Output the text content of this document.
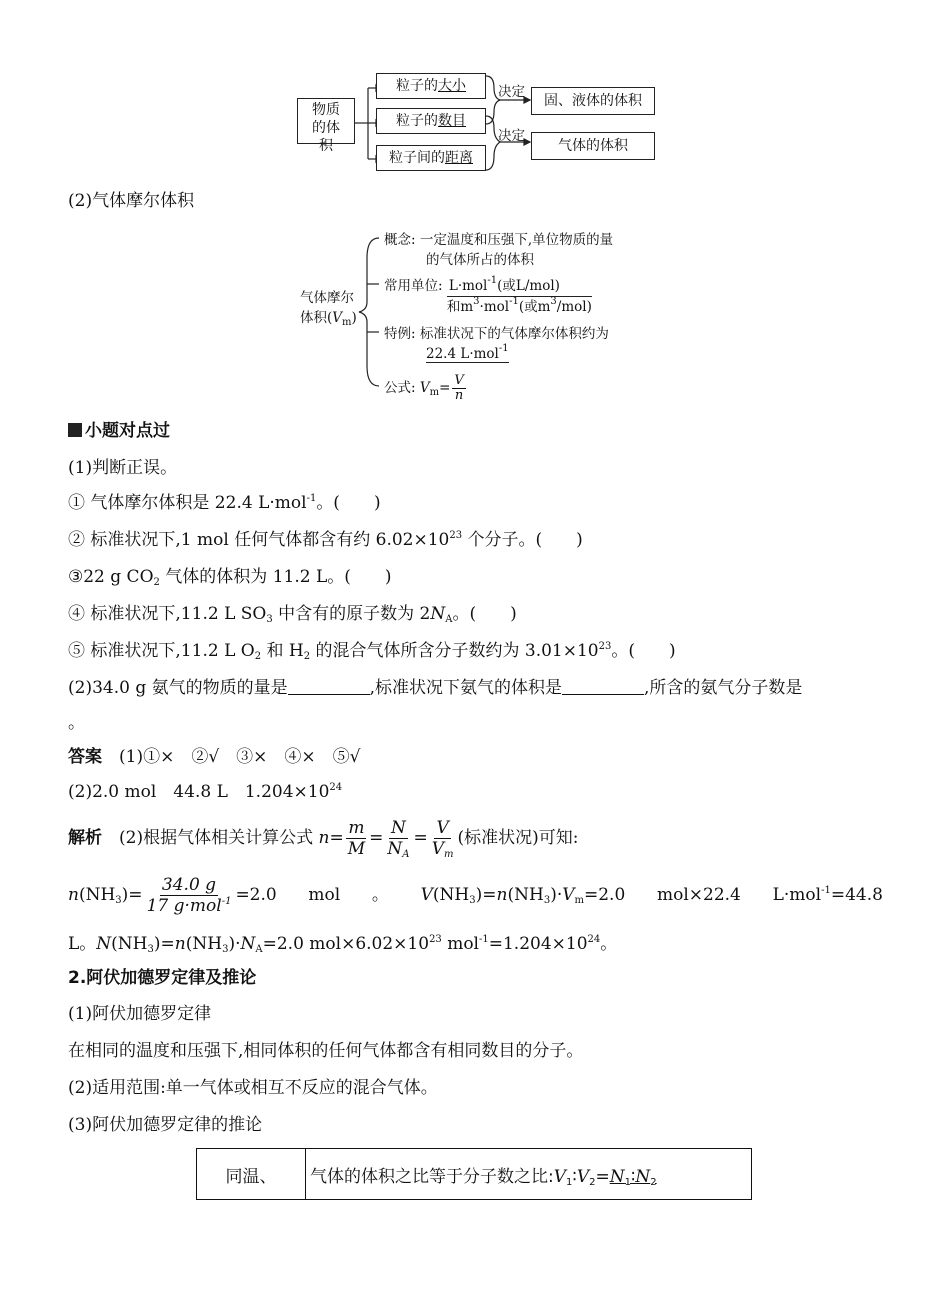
物质的体积
粒子的大小
粒子的数目
粒子间的距离
决定
决定
固、液体的体积
气体的体积
(2)气体摩尔体积
气体摩尔
体积$(V_m)$
概念: 一定温度和压强下,单位物质的量
的气体所占的体积
常用单位: L·mol$^{-1}$(或L/mol)
和$m^3\cdot mol^{-1}$(或$m^3/mol$)
特例: 标准状况下的气体摩尔体积约为
22.4 L·mol$^{-1}$
公式: $V_m= \frac{V}{n}$
小题对点过
(1)判断正误。
① 气体摩尔体积是 22.4 L·mol$^{-1}$。(　　)
② 标准状况下,1 mol 任何气体都含有约 $6.02\times 10^{23}$ 个分子。(　　)
③22 g $CO_2$ 气体的体积为 11.2 L。(　　)
④ 标准状况下,11.2 L $SO_3$ 中含有的原子数为 $2N_A$。(　　)
⑤ 标准状况下,11.2 L $O_2$ 和 $H_2$ 的混合气体所含分子数约为 $3.01\times 10^{23}$。(　　)
(2)34.0 g 氨气的物质的量是	,标准状况下氨气的体积是	,所含的氨气分子数是
。
答案　(1)①×　②√　③×　④×　⑤√
(2)2.0 mol　44.8 L　$1.204\times 10^{24}$
解析　(2)根据气体相关计算公式 $n= \frac{m}{M} = \frac{N}{N_A} = \frac{V}{V_m}$ (标准状况)可知:
$n(NH_3)= \frac{34.0 g}{17 g\cdot mol^{-1}} =2.0$ mol 。 $V(NH_3)=n(NH_3)\cdot V_m=2.0$ mol×22.4 L·mol$^{-1}$=44.8
L。$N(NH_3)=n(NH_3)\cdot N_A=2.0$ $mol\times 6.02\times 10^{23}$ $mol^{-1}=1.204\times 10^{24}$。
2.阿伏加德罗定律及推论
(1)阿伏加德罗定律
在相同的温度和压强下,相同体积的任何气体都含有相同数目的分子。
(2)适用范围:单一气体或相互不反应的混合气体。
(3)阿伏加德罗定律的推论
同温、	气体的体积之比等于分子数之比$:V_1∶V_2=N_1∶N_2$
